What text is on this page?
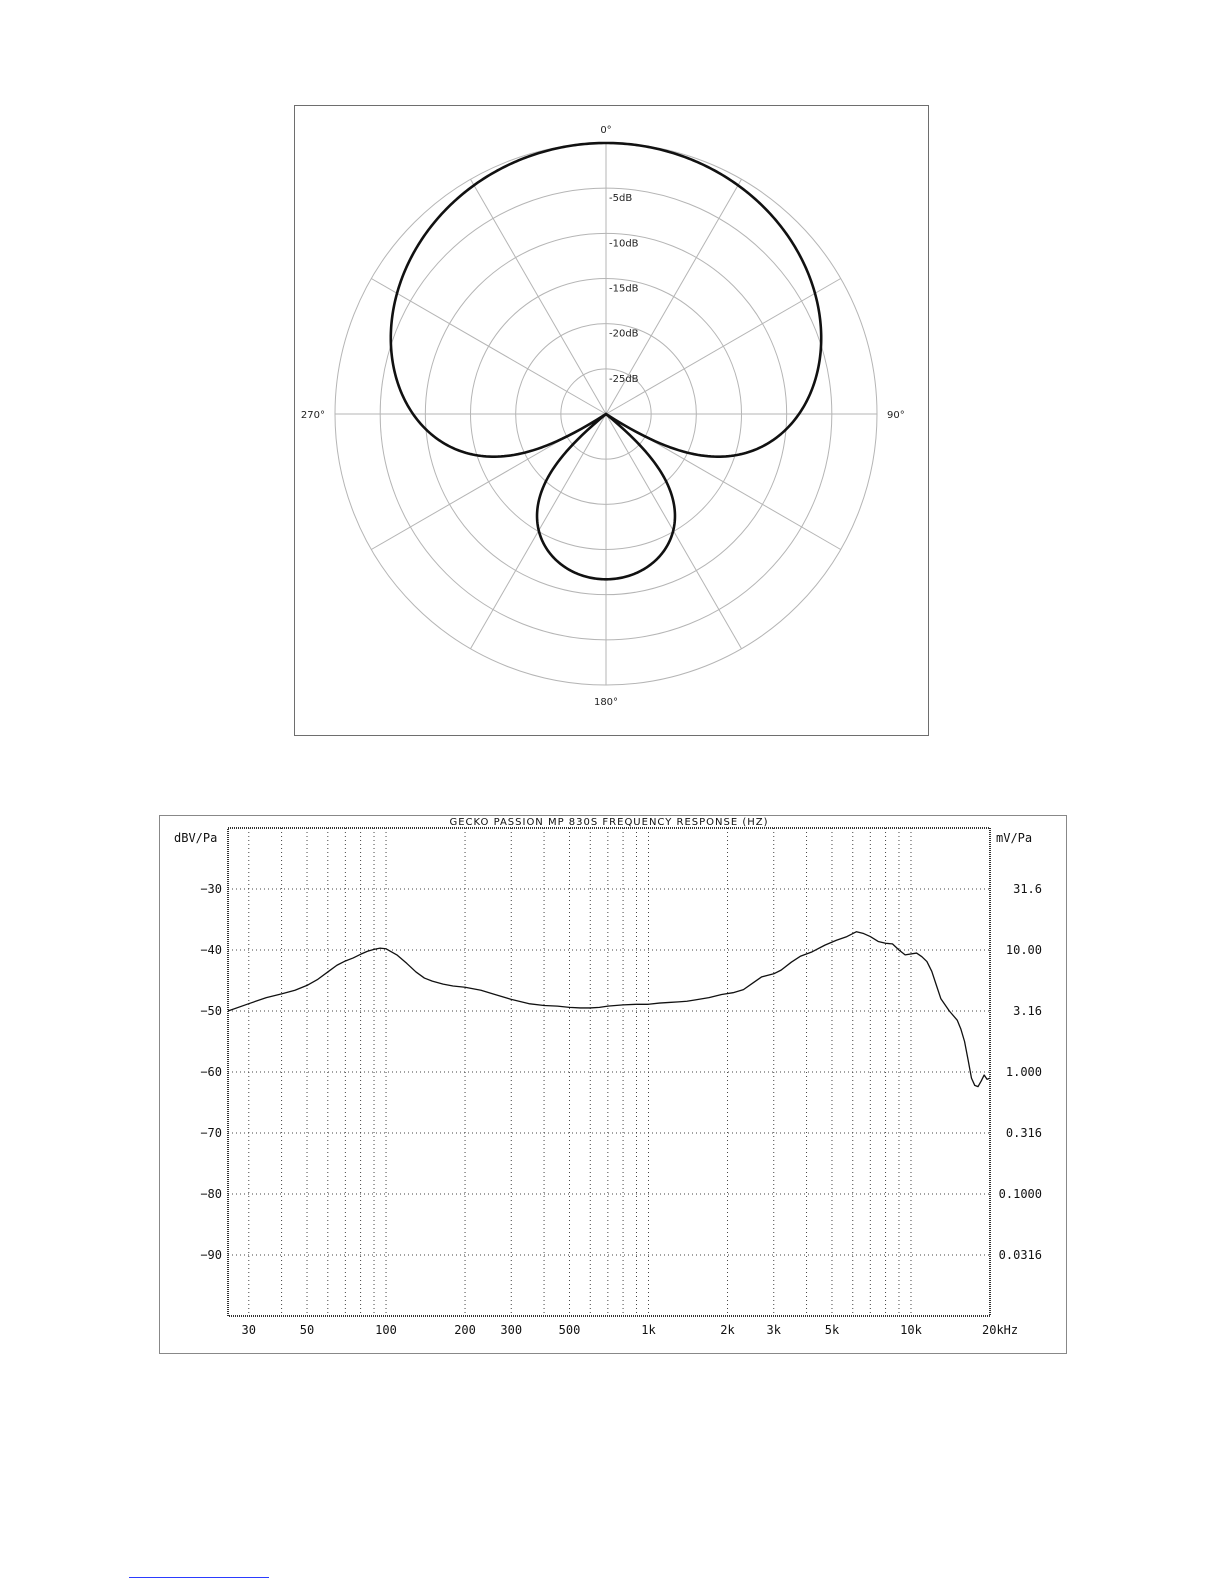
-5dB
-10dB
-15dB
-20dB
-25dB
0°
90°
180°
270°
GECKO PASSION MP 830S FREQUENCY RESPONSE (HZ)
dBV/Pa	mV/Pa
−30
−40
−50
−60
−70
−80
−90
31.6
10.00
3.16
1.000
0.316
0.1000
0.0316
30	50	100	200 300	500	1k	2k	3k	5k	10k	20kHz
